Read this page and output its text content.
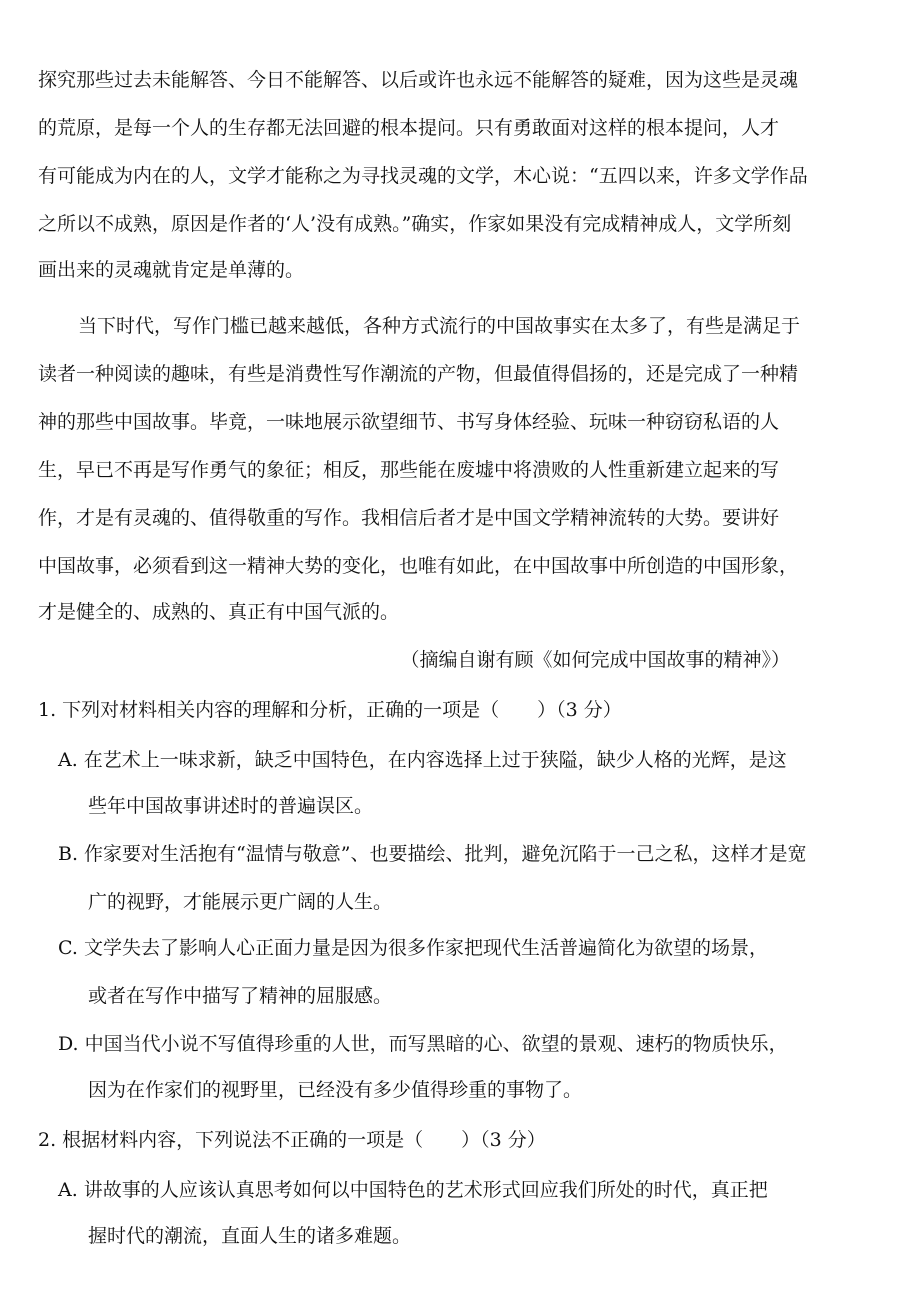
探究那些过去未能解答、今日不能解答、以后或许也永远不能解答的疑难，因为这些是灵魂
的荒原，是每一个人的生存都无法回避的根本提问。只有勇敢面对这样的根本提问，人才
有可能成为内在的人，文学才能称之为寻找灵魂的文学，木心说：“五四以来，许多文学作品
之所以不成熟，原因是作者的‘人’没有成熟。”确实，作家如果没有完成精神成人，文学所刻
画出来的灵魂就肯定是单薄的。
当下时代，写作门槛已越来越低，各种方式流行的中国故事实在太多了，有些是满足于
读者一种阅读的趣味，有些是消费性写作潮流的产物，但最值得倡扬的，还是完成了一种精
神的那些中国故事。毕竟，一味地展示欲望细节、书写身体经验、玩味一种窃窃私语的人
生，早已不再是写作勇气的象征；相反，那些能在废墟中将溃败的人性重新建立起来的写
作，才是有灵魂的、值得敬重的写作。我相信后者才是中国文学精神流转的大势。要讲好
中国故事，必须看到这一精神大势的变化，也唯有如此，在中国故事中所创造的中国形象，
才是健全的、成熟的、真正有中国气派的。
（摘编自谢有顾《如何完成中国故事的精神》）
1. 下列对材料相关内容的理解和分析，正确的一项是（　　）（3 分）
A. 在艺术上一味求新，缺乏中国特色，在内容选择上过于狭隘，缺少人格的光辉，是这
些年中国故事讲述时的普遍误区。
B. 作家要对生活抱有“温情与敬意”、也要描绘、批判，避免沉陷于一己之私，这样才是宽
广的视野，才能展示更广阔的人生。
C. 文学失去了影响人心正面力量是因为很多作家把现代生活普遍简化为欲望的场景，
或者在写作中描写了精神的屈服感。
D. 中国当代小说不写值得珍重的人世，而写黑暗的心、欲望的景观、速朽的物质快乐，
因为在作家们的视野里，已经没有多少值得珍重的事物了。
2. 根据材料内容，下列说法不正确的一项是（　　）（3 分）
A. 讲故事的人应该认真思考如何以中国特色的艺术形式回应我们所处的时代，真正把
握时代的潮流，直面人生的诸多难题。
